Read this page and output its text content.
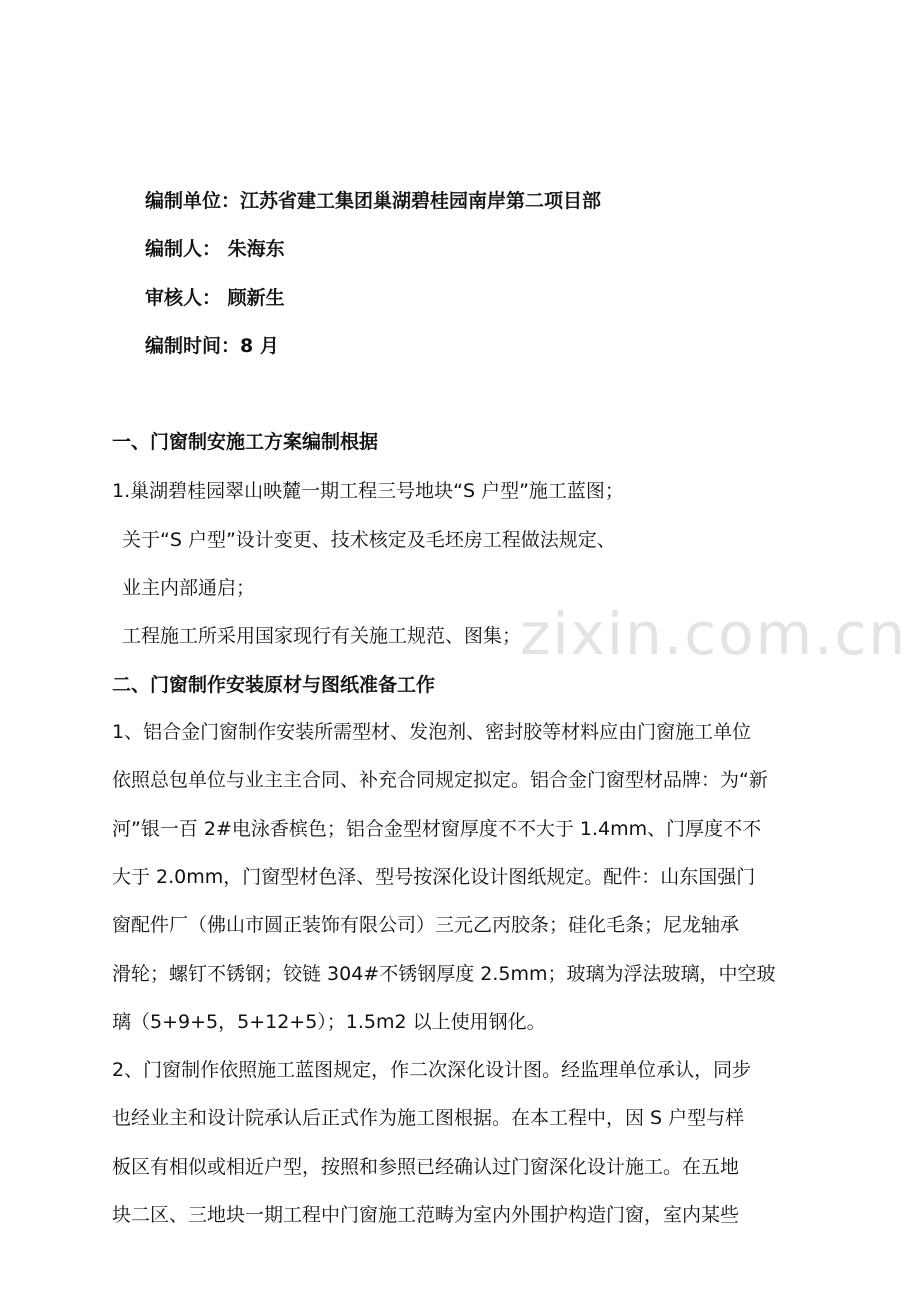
zixin.com.cn
编制单位：江苏省建工集团巢湖碧桂园南岸第二项目部
编制人： 朱海东
审核人： 顾新生
编制时间：8 月
一、门窗制安施工方案编制根据
1.巢湖碧桂园翠山映麓一期工程三号地块“S 户型”施工蓝图；
关于“S 户型”设计变更、技术核定及毛坯房工程做法规定、
业主内部通启；
工程施工所采用国家现行有关施工规范、图集；
二、门窗制作安装原材与图纸准备工作
1、铝合金门窗制作安装所需型材、发泡剂、密封胶等材料应由门窗施工单位
依照总包单位与业主主合同、补充合同规定拟定。铝合金门窗型材品牌：为“新
河”银一百 2#电泳香槟色；铝合金型材窗厚度不不大于 1.4mm、门厚度不不
大于 2.0mm，门窗型材色泽、型号按深化设计图纸规定。配件：山东国强门
窗配件厂（佛山市圆正装饰有限公司）三元乙丙胶条；硅化毛条；尼龙轴承
滑轮；螺钉不锈钢；铰链 304#不锈钢厚度 2.5mm；玻璃为浮法玻璃，中空玻
璃（5+9+5，5+12+5）；1.5m2 以上使用钢化。
2、门窗制作依照施工蓝图规定，作二次深化设计图。经监理单位承认，同步
也经业主和设计院承认后正式作为施工图根据。在本工程中，因 S 户型与样
板区有相似或相近户型，按照和参照已经确认过门窗深化设计施工。在五地
块二区、三地块一期工程中门窗施工范畴为室内外围护构造门窗，室内某些
